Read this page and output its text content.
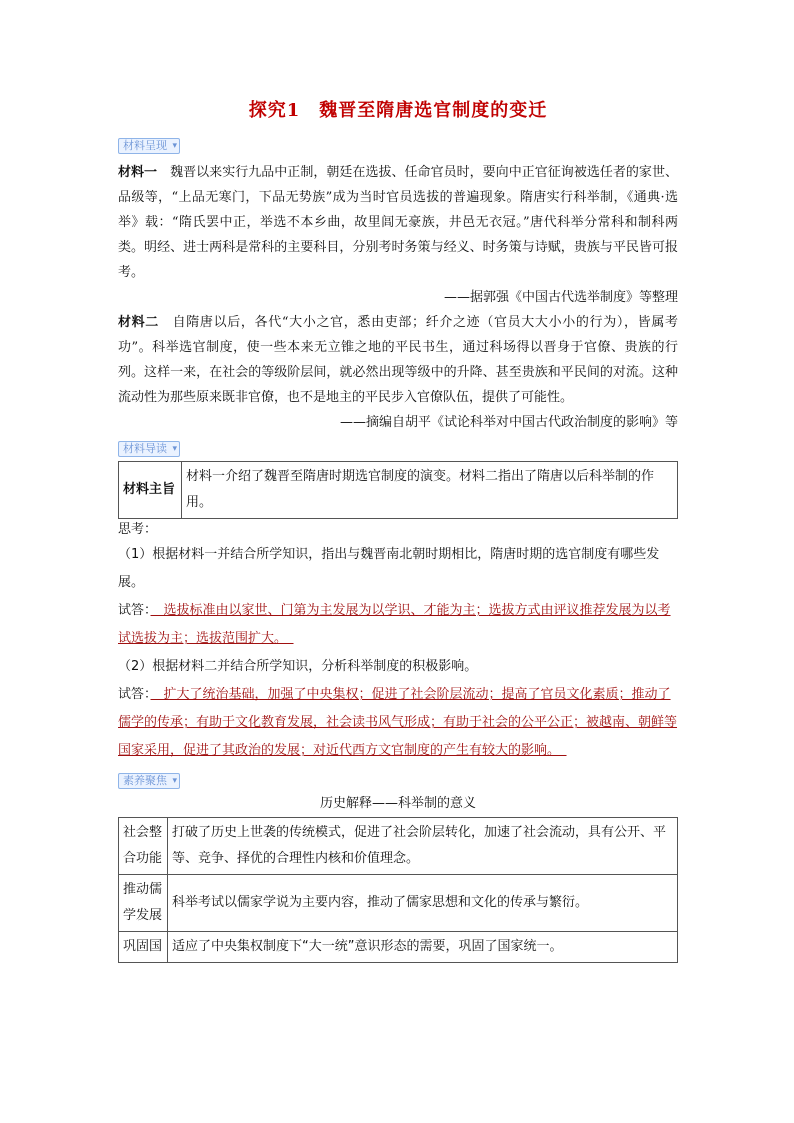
探究1　魏晋至隋唐选官制度的变迁
材料呈现 ▾

材料一　魏晋以来实行九品中正制，朝廷在选拔、任命官员时，要向中正官征询被选任者的家世、品级等，“上品无寒门，下品无势族”成为当时官员选拔的普遍现象。隋唐实行科举制，《通典·选举》载：“隋氏罢中正，举选不本乡曲，故里闾无豪族，井邑无衣冠。”唐代科举分常科和制科两类。明经、进士两科是常科的主要科目，分别考时务策与经义、时务策与诗赋，贵族与平民皆可报考。

——据郭强《中国古代选举制度》等整理

材料二　自隋唐以后，各代“大小之官，悉由吏部；纤介之迹（官员大大小小的行为），皆属考功”。科举选官制度，使一些本来无立锥之地的平民书生，通过科场得以晋身于官僚、贵族的行列。这样一来，在社会的等级阶层间，就必然出现等级中的升降、甚至贵族和平民间的对流。这种流动性为那些原来既非官僚，也不是地主的平民步入官僚队伍，提供了可能性。

——摘编自胡平《试论科举对中国古代政治制度的影响》等
材料导读 ▾
材料主旨	材料一介绍了魏晋至隋唐时期选官制度的演变。材料二指出了隋唐以后科举制的作用。

思考：

（1）根据材料一并结合所学知识，指出与魏晋南北朝时期相比，隋唐时期的选官制度有哪些发展。

试答：　选拔标准由以家世、门第为主发展为以学识、才能为主；选拔方式由评议推荐发展为以考试选拔为主；选拔范围扩大。　

（2）根据材料二并结合所学知识，分析科举制度的积极影响。

试答：　扩大了统治基础，加强了中央集权；促进了社会阶层流动；提高了官员文化素质；推动了儒学的传承；有助于文化教育发展，社会读书风气形成；有助于社会的公平公正；被越南、朝鲜等国家采用，促进了其政治的发展；对近代西方文官制度的产生有较大的影响。　

素养聚焦 ▾
历史解释——科举制的意义
社会整合功能	打破了历史上世袭的传统模式，促进了社会阶层转化，加速了社会流动，具有公开、平等、竞争、择优的合理性内核和价值理念。
推动儒学发展	科举考试以儒家学说为主要内容，推动了儒家思想和文化的传承与繁衍。
巩固国	适应了中央集权制度下“大一统”意识形态的需要，巩固了国家统一。
